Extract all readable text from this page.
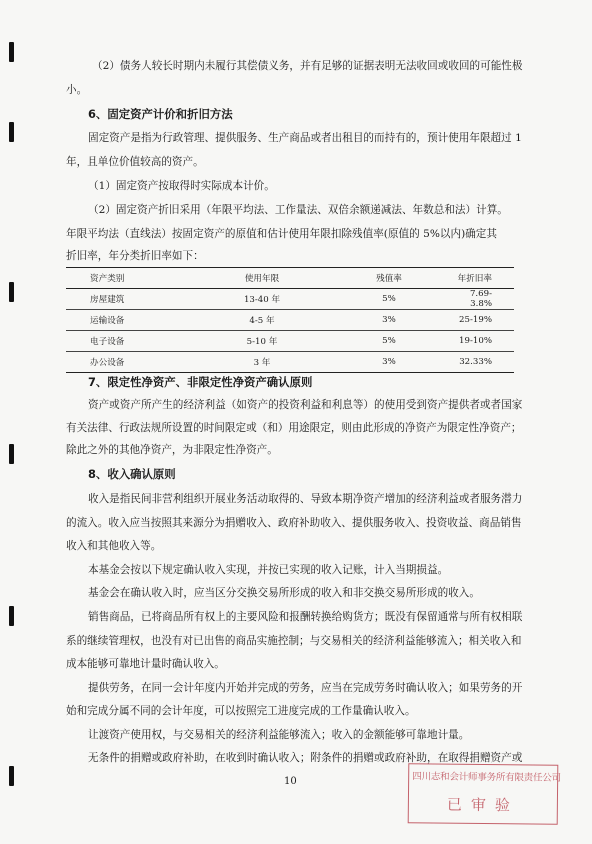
（2）债务人较长时期内未履行其偿债义务，并有足够的证据表明无法收回或收回的可能性极
小。
6、固定资产计价和折旧方法
固定资产是指为行政管理、提供服务、生产商品或者出租目的而持有的，预计使用年限超过 1
年，且单位价值较高的资产。
（1）固定资产按取得时实际成本计价。
（2）固定资产折旧采用（年限平均法、工作量法、双倍余额递减法、年数总和法）计算。
年限平均法（直线法）按固定资产的原值和估计使用年限扣除残值率(原值的 5%以内)确定其
折旧率，年分类折旧率如下：
资产类别	使用年限	残值率	年折旧率
房屋建筑	13-40 年	5%	7.69-3.8%
运输设备	4-5 年	3%	25-19%
电子设备	5-10 年	5%	19-10%
办公设备	3 年	3%	32.33%
7、限定性净资产、非限定性净资产确认原则
资产或资产所产生的经济利益（如资产的投资利益和利息等）的使用受到资产提供者或者国家
有关法律、行政法规所设置的时间限定或（和）用途限定，则由此形成的净资产为限定性净资产；
除此之外的其他净资产，为非限定性净资产。
8、收入确认原则
收入是指民间非营利组织开展业务活动取得的、导致本期净资产增加的经济利益或者服务潜力
的流入。收入应当按照其来源分为捐赠收入、政府补助收入、提供服务收入、投资收益、商品销售
收入和其他收入等。
本基金会按以下规定确认收入实现，并按已实现的收入记账，计入当期损益。
基金会在确认收入时，应当区分交换交易所形成的收入和非交换交易所形成的收入。
销售商品，已将商品所有权上的主要风险和报酬转换给购货方；既没有保留通常与所有权相联
系的继续管理权，也没有对已出售的商品实施控制；与交易相关的经济利益能够流入；相关收入和
成本能够可靠地计量时确认收入。
提供劳务，在同一会计年度内开始并完成的劳务，应当在完成劳务时确认收入；如果劳务的开
始和完成分属不同的会计年度，可以按照完工进度完成的工作量确认收入。
让渡资产使用权，与交易相关的经济利益能够流入；收入的金额能够可靠地计量。
无条件的捐赠或政府补助，在收到时确认收入；附条件的捐赠或政府补助，在取得捐赠资产或
10	四川志和会计师事务所有限责任公司
已审验
